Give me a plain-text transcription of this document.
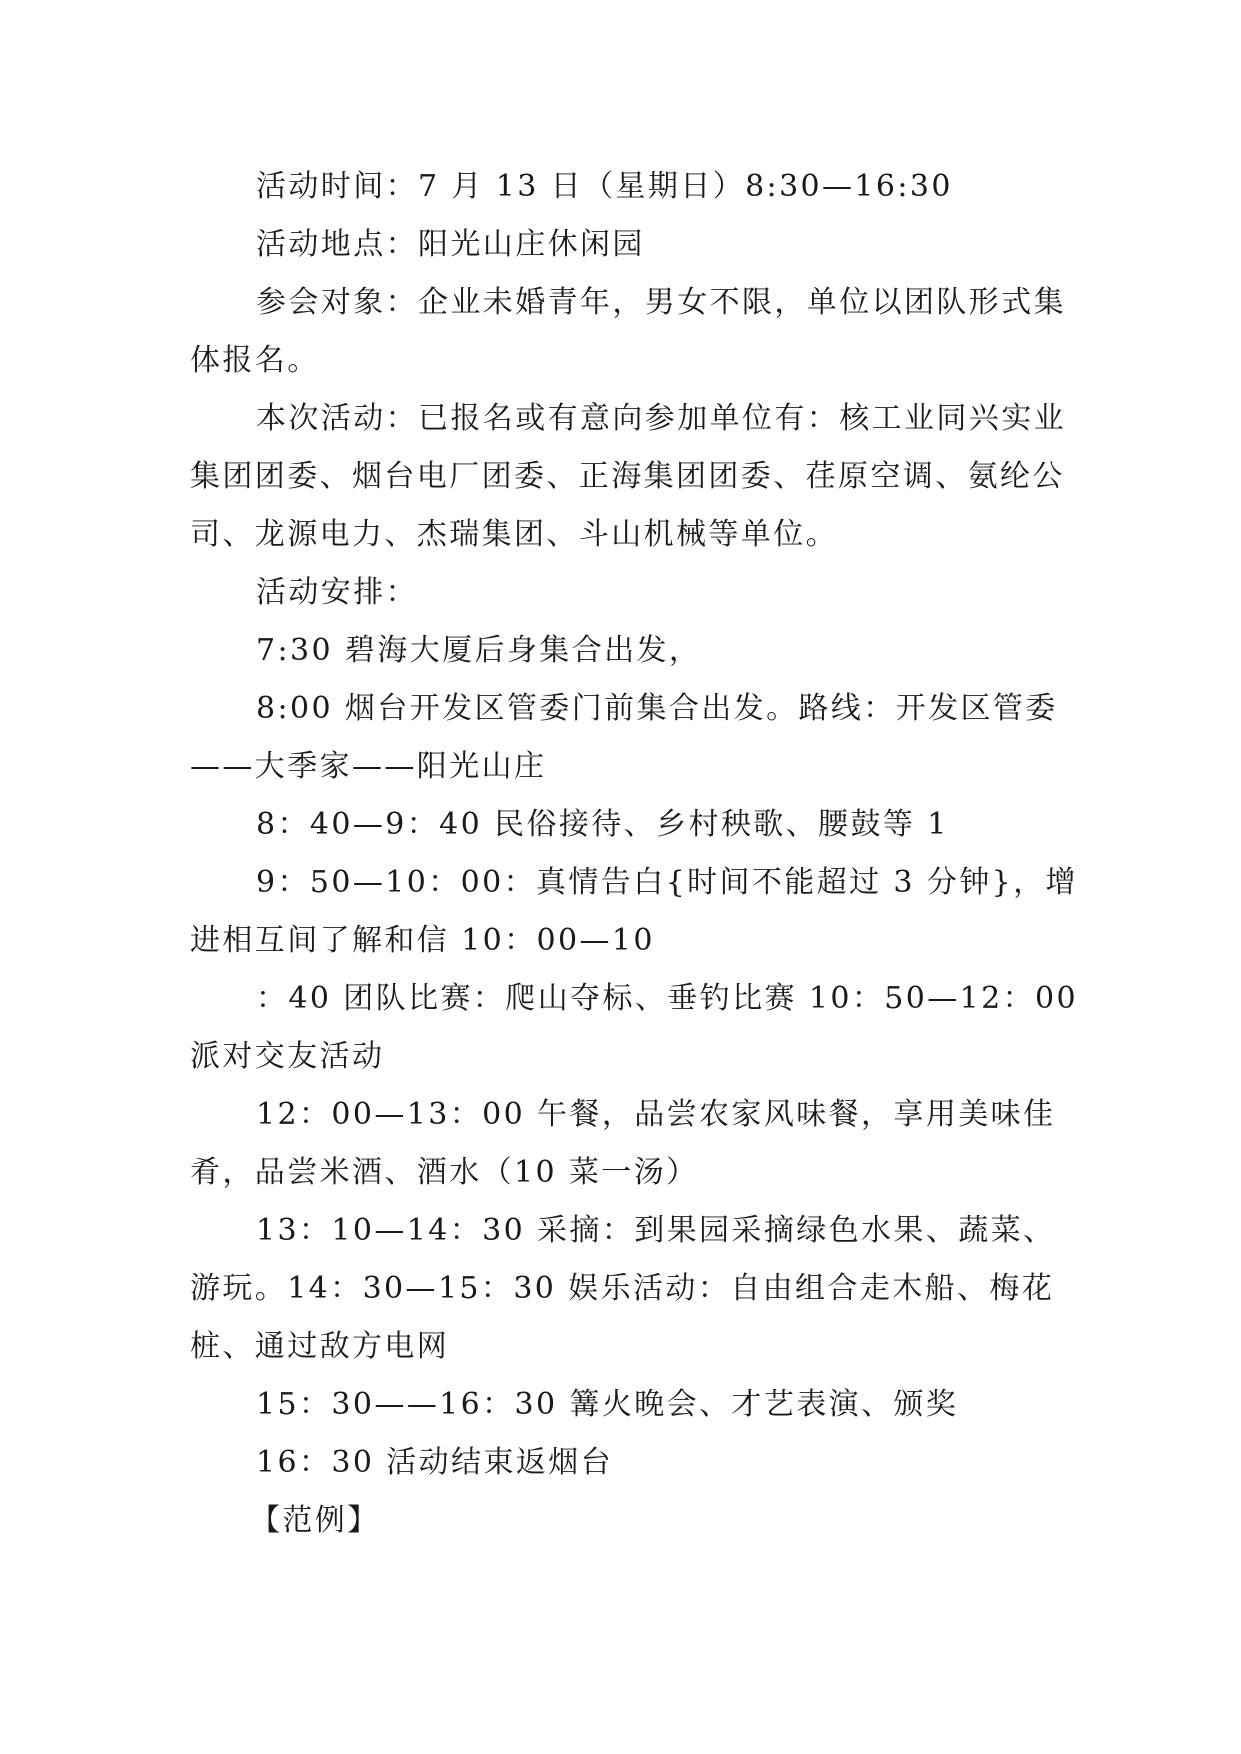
活动时间：7 月 13 日（星期日）8:30—16:30

活动地点：阳光山庄休闲园

参会对象：企业未婚青年，男女不限，单位以团队形式集体报名。

本次活动：已报名或有意向参加单位有：核工业同兴实业集团团委、烟台电厂团委、正海集团团委、荏原空调、氨纶公司、龙源电力、杰瑞集团、斗山机械等单位。

活动安排：

7:30 碧海大厦后身集合出发，

8:00 烟台开发区管委门前集合出发。路线：开发区管委——大季家——阳光山庄

8：40—9：40 民俗接待、乡村秧歌、腰鼓等 1

9：50—10：00：真情告白{时间不能超过 3 分钟}，增进相互间了解和信 10：00—10

：40 团队比赛：爬山夺标、垂钓比赛 10：50—12：00 派对交友活动

12：00—13：00 午餐，品尝农家风味餐，享用美味佳肴，品尝米酒、酒水（10 菜一汤）

13：10—14：30 采摘：到果园采摘绿色水果、蔬菜、游玩。14：30—15：30 娱乐活动：自由组合走木船、梅花桩、通过敌方电网

15：30——16：30 篝火晚会、才艺表演、颁奖

16：30 活动结束返烟台

【范例】
